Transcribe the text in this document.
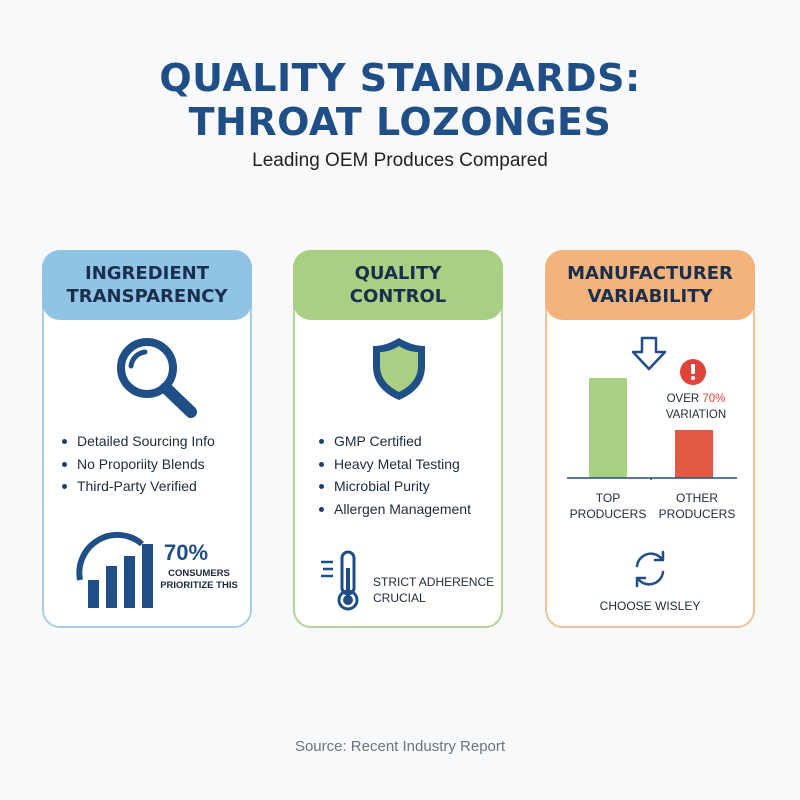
QUALITY STANDARDS:
THROAT LOZONGES
Leading OEM Produces Compared
INGREDIENT
TRANSPARENCY
Detailed Sourcing Info
No Proporiity Blends
Third-Party Verified
70%
CONSUMERS
PRIORITIZE THIS
QUALITY
CONTROL
GMP Certified
Heavy Metal Testing
Microbial Purity
Allergen Management
STRICT ADHERENCE
CRUCIAL
MANUFACTURER
VARIABILITY
OVER 70%
VARIATION
TOP
PRODUCERS
OTHER
PRODUCERS
CHOOSE WISLEY
Source: Recent Industry Report
